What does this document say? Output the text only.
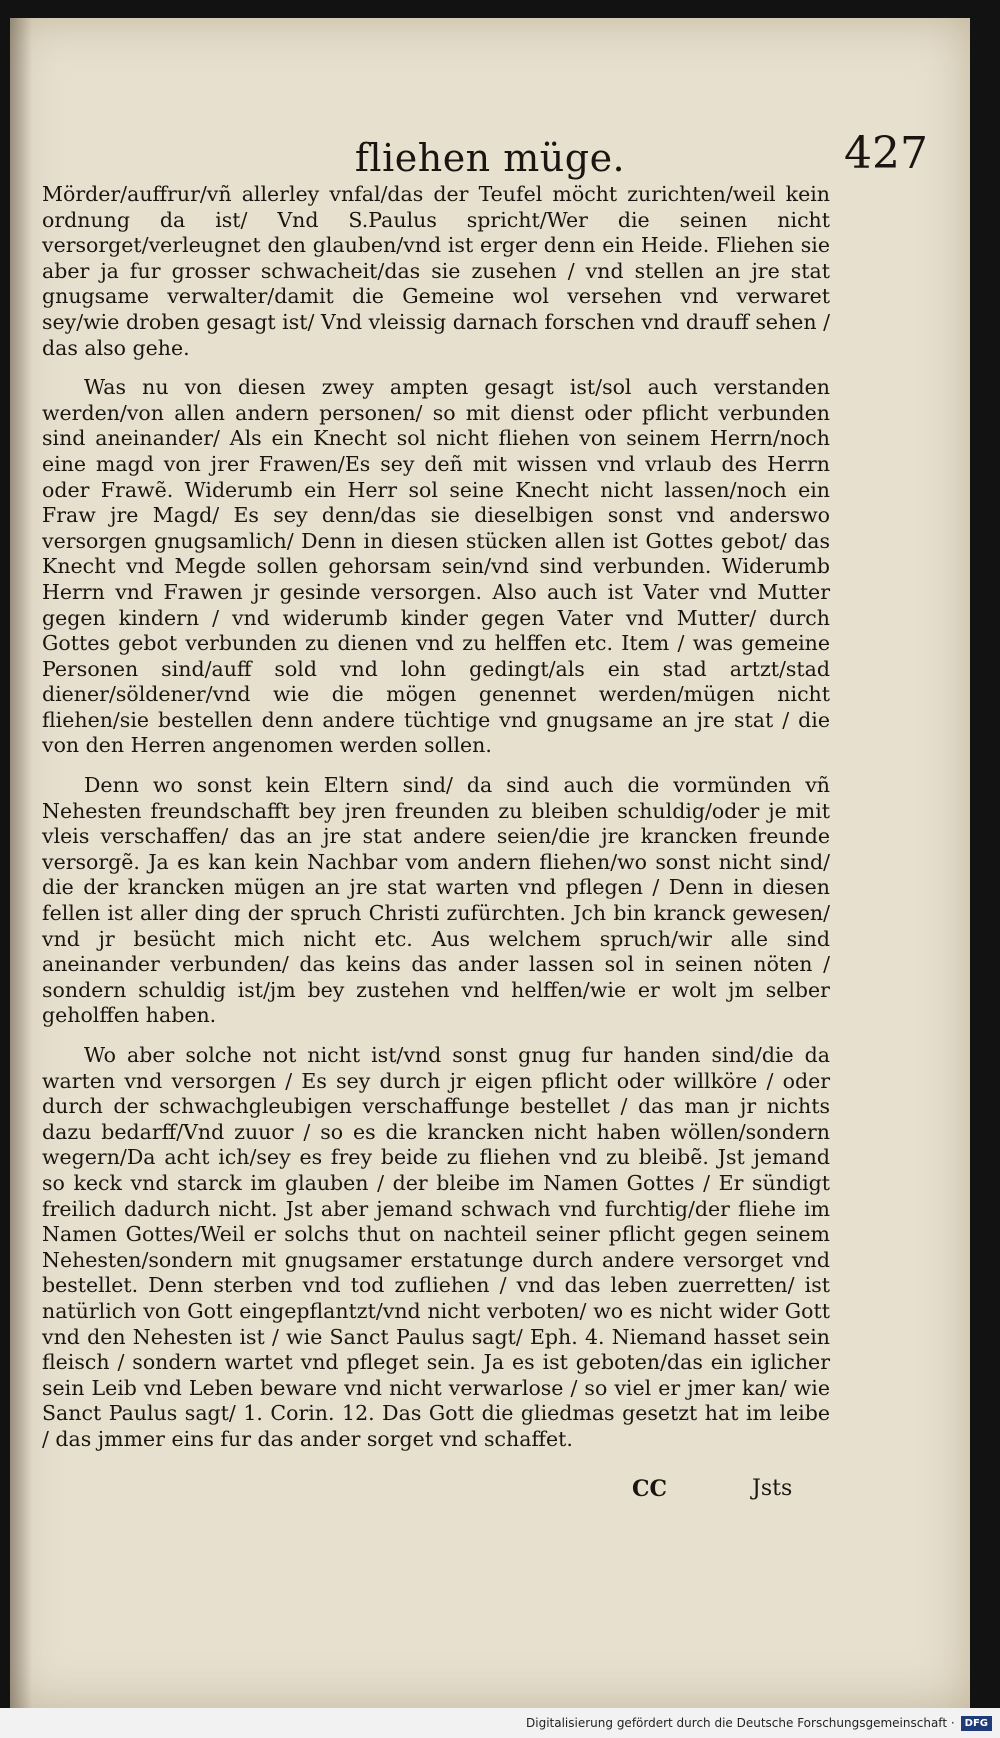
fliehen müge.	427

Mörder/auffrur/vñ allerley vnfal/das der Teufel möcht zurichten/weil kein ordnung da ist/ Vnd S.Paulus spricht/Wer die seinen nicht versorget/verleugnet den glauben/vnd ist erger denn ein Heide. Fliehen sie aber ja fur grosser schwacheit/das sie zusehen / vnd stellen an jre stat gnugsame verwalter/damit die Gemeine wol versehen vnd verwaret sey/wie droben gesagt ist/ Vnd vleissig darnach forschen vnd drauff sehen / das also gehe.

Was nu von diesen zwey ampten gesagt ist/sol auch verstanden werden/von allen andern personen/ so mit dienst oder pflicht verbunden sind aneinander/ Als ein Knecht sol nicht fliehen von seinem Herrn/noch eine magd von jrer Frawen/Es sey deñ mit wissen vnd vrlaub des Herrn oder Frawẽ. Widerumb ein Herr sol seine Knecht nicht lassen/noch ein Fraw jre Magd/ Es sey denn/das sie dieselbigen sonst vnd anderswo versorgen gnugsamlich/ Denn in diesen stücken allen ist Gottes gebot/ das Knecht vnd Megde sollen gehorsam sein/vnd sind verbunden. Widerumb Herrn vnd Frawen jr gesinde versorgen. Also auch ist Vater vnd Mutter gegen kindern / vnd widerumb kinder gegen Vater vnd Mutter/ durch Gottes gebot verbunden zu dienen vnd zu helffen etc. Item / was gemeine Personen sind/auff sold vnd lohn gedingt/als ein stad artzt/stad diener/söldener/vnd wie die mögen genennet werden/mügen nicht fliehen/sie bestellen denn andere tüchtige vnd gnugsame an jre stat / die von den Herren angenomen werden sollen.

Denn wo sonst kein Eltern sind/ da sind auch die vormünden vñ Nehesten freundschafft bey jren freunden zu bleiben schuldig/oder je mit vleis verschaffen/ das an jre stat andere seien/die jre krancken freunde versorgẽ. Ja es kan kein Nachbar vom andern fliehen/wo sonst nicht sind/ die der krancken mügen an jre stat warten vnd pflegen / Denn in diesen fellen ist aller ding der spruch Christi zufürchten. Jch bin kranck gewesen/ vnd jr besücht mich nicht etc. Aus welchem spruch/wir alle sind aneinander verbunden/ das keins das ander lassen sol in seinen nöten / sondern schuldig ist/jm bey zustehen vnd helffen/wie er wolt jm selber geholffen haben.

Wo aber solche not nicht ist/vnd sonst gnug fur handen sind/die da warten vnd versorgen / Es sey durch jr eigen pflicht oder willköre / oder durch der schwachgleubigen verschaffunge bestellet / das man jr nichts dazu bedarff/Vnd zuuor / so es die krancken nicht haben wöllen/sondern wegern/Da acht ich/sey es frey beide zu fliehen vnd zu bleibẽ. Jst jemand so keck vnd starck im glauben / der bleibe im Namen Gottes / Er sündigt freilich dadurch nicht. Jst aber jemand schwach vnd furchtig/der fliehe im Namen Gottes/Weil er solchs thut on nachteil seiner pflicht gegen seinem Nehesten/sondern mit gnugsamer erstatunge durch andere versorget vnd bestellet. Denn sterben vnd tod zufliehen / vnd das leben zuerretten/ ist natürlich von Gott eingepflantzt/vnd nicht verboten/ wo es nicht wider Gott vnd den Nehesten ist / wie Sanct Paulus sagt/ Eph. 4. Niemand hasset sein fleisch / sondern wartet vnd pfleget sein. Ja es ist geboten/das ein iglicher sein Leib vnd Leben beware vnd nicht verwarlose / so viel er jmer kan/ wie Sanct Paulus sagt/ 1. Corin. 12. Das Gott die gliedmas gesetzt hat im leibe / das jmmer eins fur das ander sorget vnd schaffet.

CC	Jsts
Digitalisierung gefördert durch die Deutsche Forschungsgemeinschaft ·	DFG
